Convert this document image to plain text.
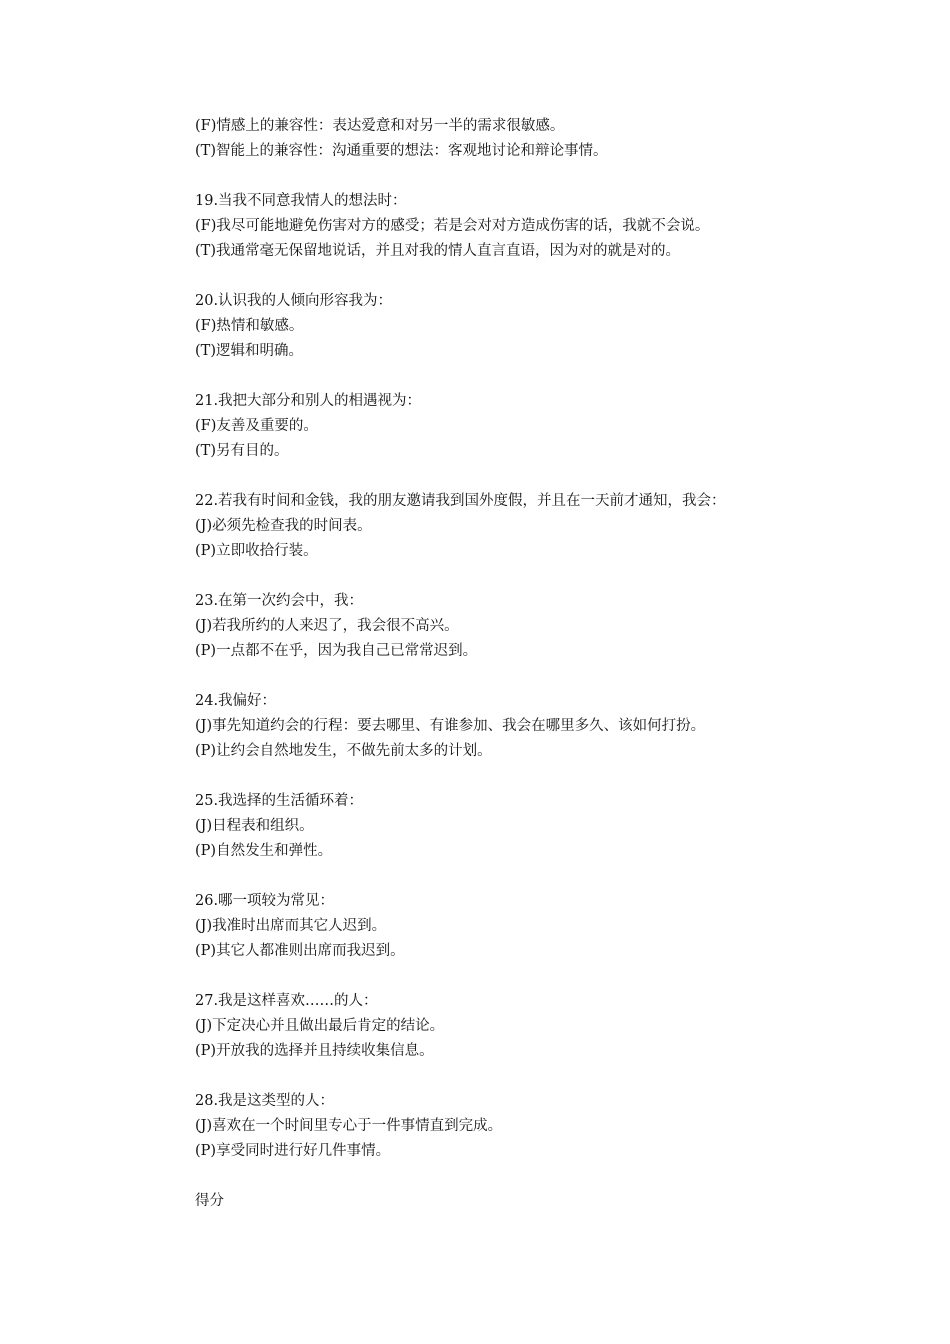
(F)情感上的兼容性：表达爱意和对另一半的需求很敏感。
(T)智能上的兼容性：沟通重要的想法：客观地讨论和辩论事情。
19.当我不同意我情人的想法时：
(F)我尽可能地避免伤害对方的感受；若是会对对方造成伤害的话，我就不会说。
(T)我通常毫无保留地说话，并且对我的情人直言直语，因为对的就是对的。
20.认识我的人倾向形容我为：
(F)热情和敏感。
(T)逻辑和明确。
21.我把大部分和别人的相遇视为：
(F)友善及重要的。
(T)另有目的。
22.若我有时间和金钱，我的朋友邀请我到国外度假，并且在一天前才通知，我会：
(J)必须先检查我的时间表。
(P)立即收拾行装。
23.在第一次约会中，我：
(J)若我所约的人来迟了，我会很不高兴。
(P)一点都不在乎，因为我自己已常常迟到。
24.我偏好：
(J)事先知道约会的行程：要去哪里、有谁参加、我会在哪里多久、该如何打扮。
(P)让约会自然地发生，不做先前太多的计划。
25.我选择的生活循环着：
(J)日程表和组织。
(P)自然发生和弹性。
26.哪一项较为常见：
(J)我准时出席而其它人迟到。
(P)其它人都准则出席而我迟到。
27.我是这样喜欢……的人：
(J)下定决心并且做出最后肯定的结论。
(P)开放我的选择并且持续收集信息。
28.我是这类型的人：
(J)喜欢在一个时间里专心于一件事情直到完成。
(P)享受同时进行好几件事情。
得分
